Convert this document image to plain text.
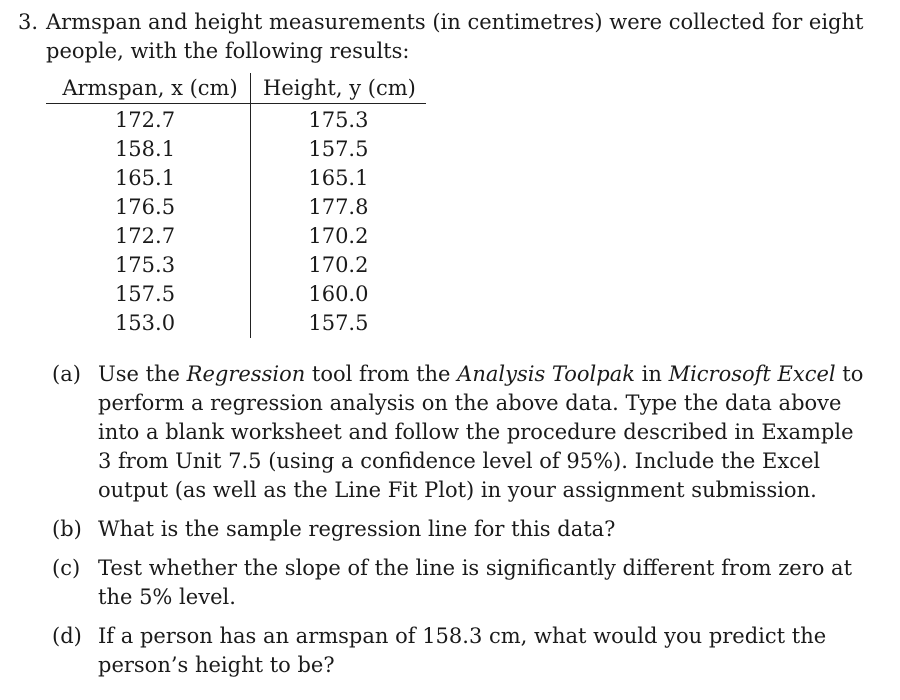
3. Armspan and height measurements (in centimetres) were collected for eight
people, with the following results:
Armspan, x (cm)	Height, y (cm)
172.7	175.3
158.1	157.5
165.1	165.1
176.5	177.8
172.7	170.2
175.3	170.2
157.5	160.0
153.0	157.5
(a) Use the Regression tool from the Analysis Toolpak in Microsoft Excel to perform a regression analysis on the above data. Type the data above into a blank worksheet and follow the procedure described in Example 3 from Unit 7.5 (using a confidence level of 95%). Include the Excel output (as well as the Line Fit Plot) in your assignment submission.
(b) What is the sample regression line for this data?
(c) Test whether the slope of the line is significantly different from zero at the 5% level.
(d) If a person has an armspan of 158.3 cm, what would you predict the person’s height to be?
